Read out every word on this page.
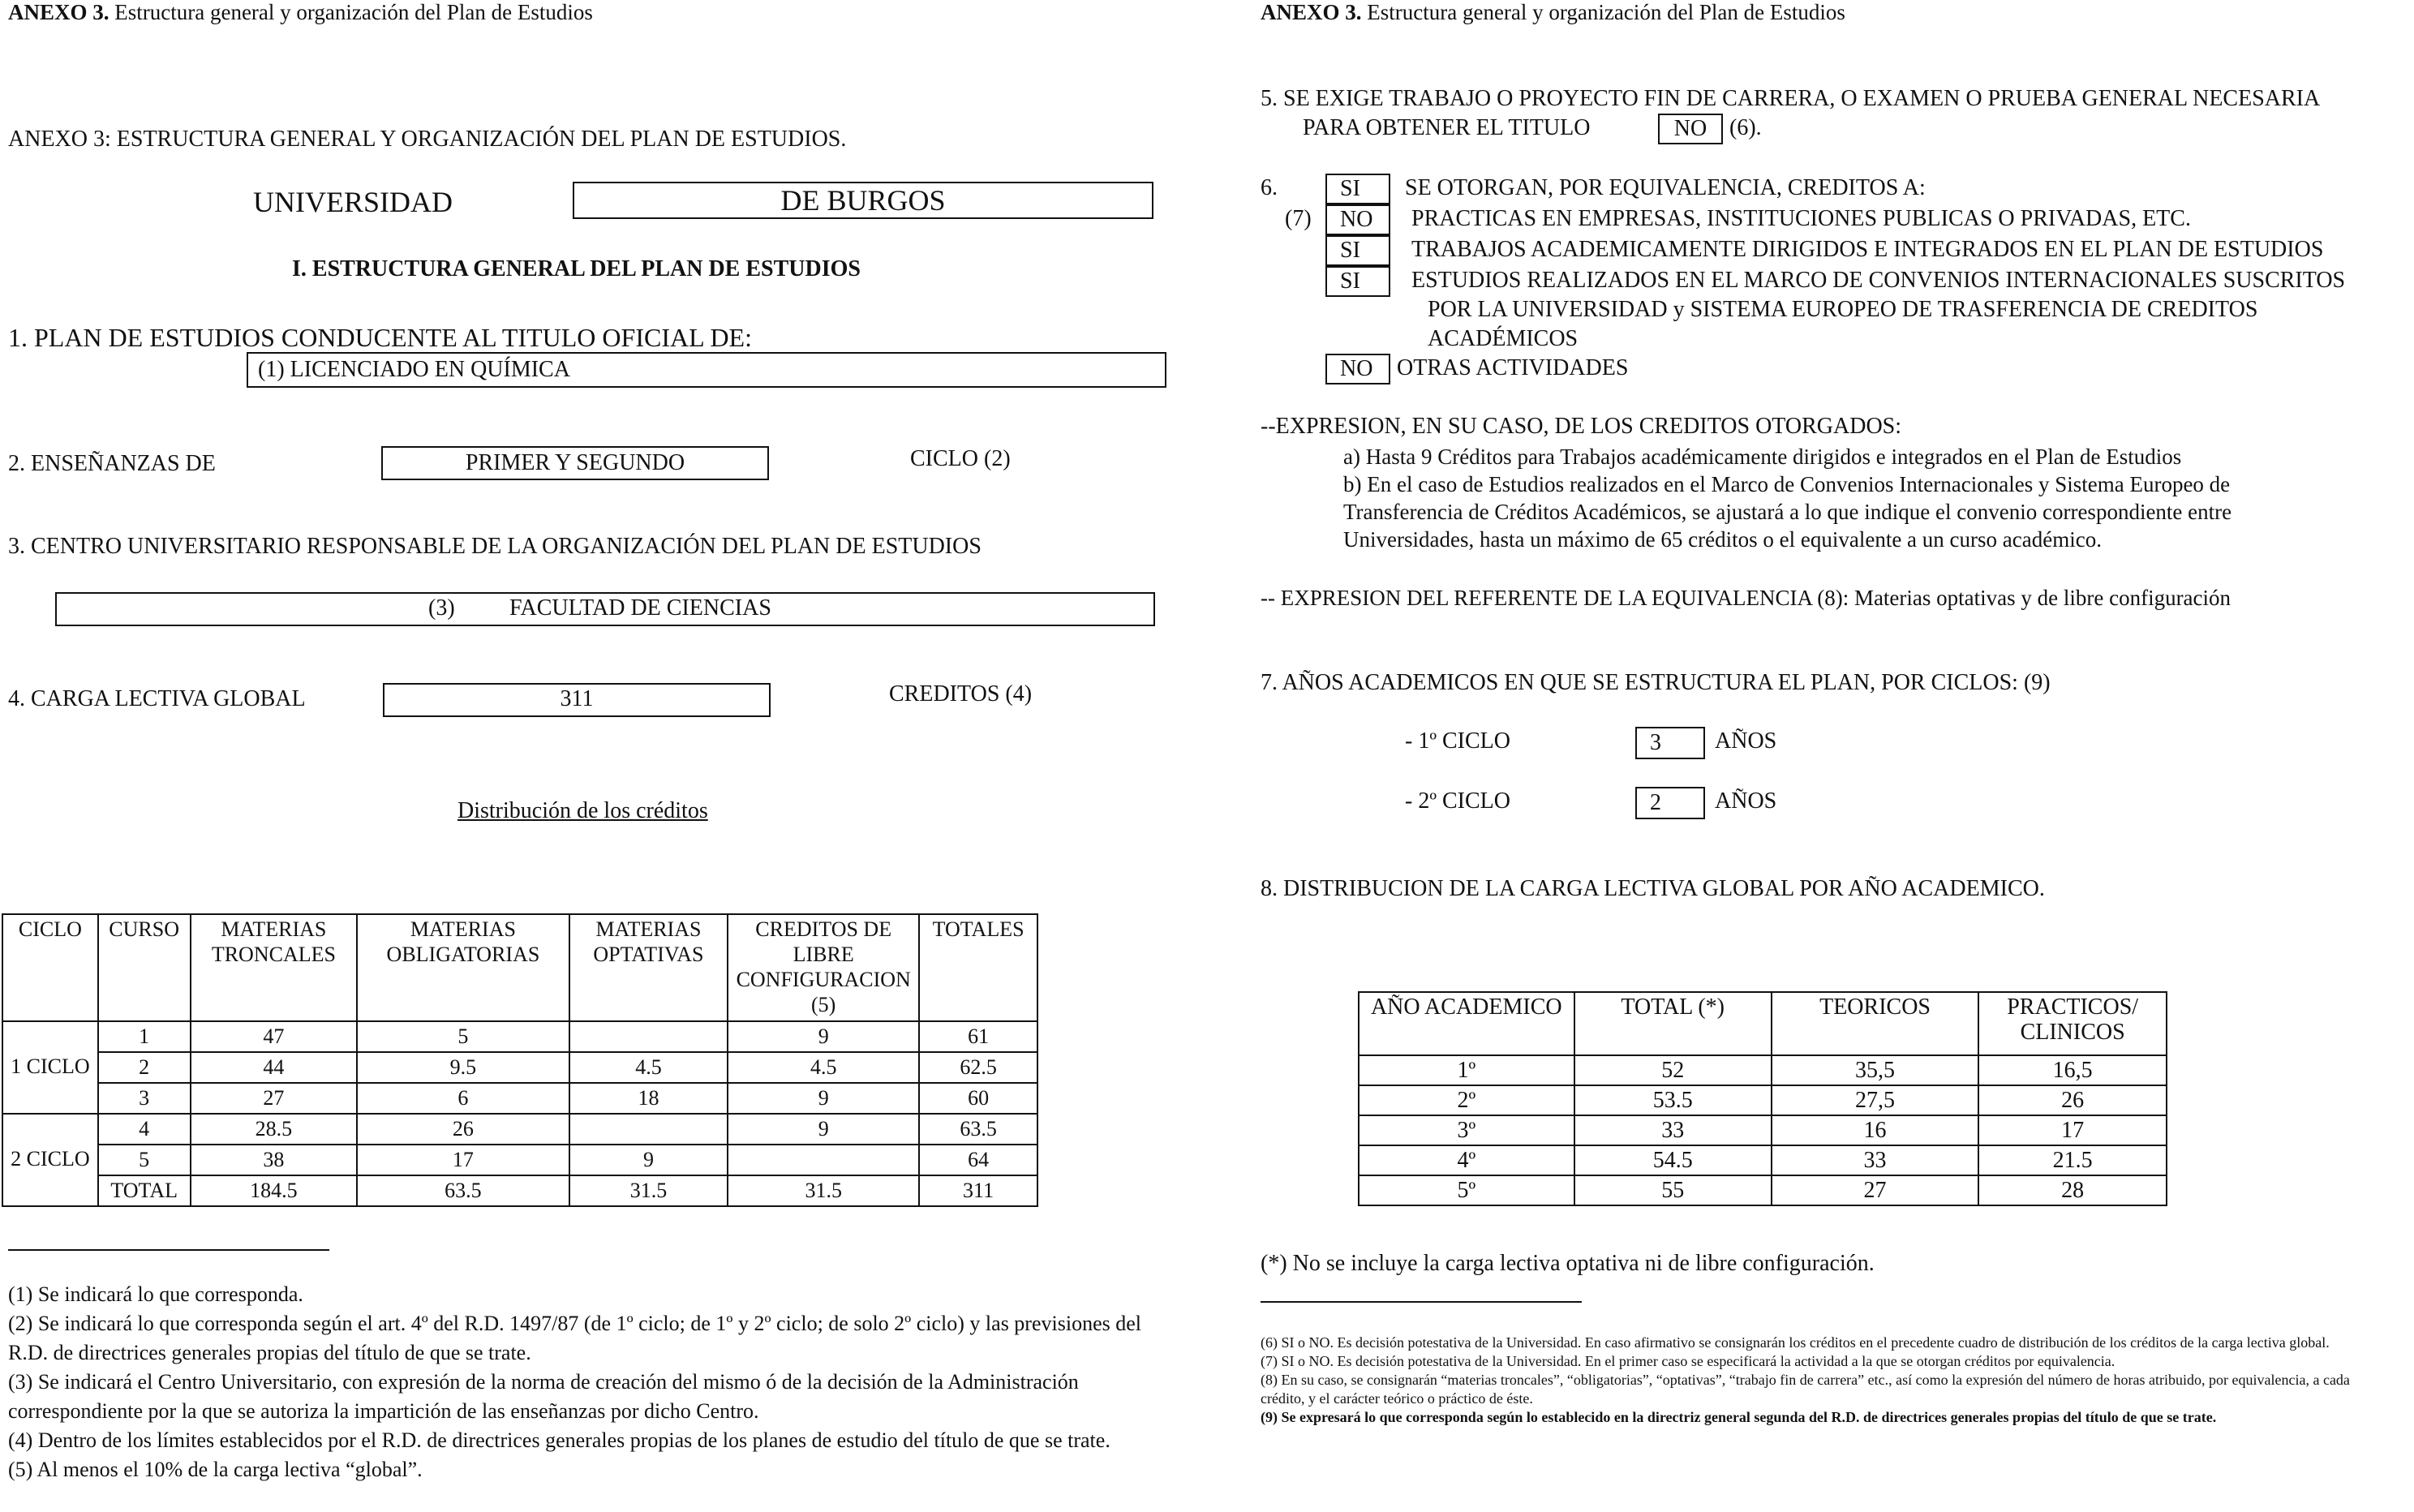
ANEXO 3. Estructura general y organización del Plan de Estudios
ANEXO 3: ESTRUCTURA GENERAL Y ORGANIZACIÓN DEL PLAN DE ESTUDIOS.
UNIVERSIDAD	DE BURGOS
I. ESTRUCTURA GENERAL DEL PLAN DE ESTUDIOS
1. PLAN DE ESTUDIOS CONDUCENTE AL TITULO OFICIAL DE:
(1) LICENCIADO EN QUÍMICA
2. ENSEÑANZAS DE	PRIMER Y SEGUNDO	CICLO (2)
3. CENTRO UNIVERSITARIO RESPONSABLE DE LA ORGANIZACIÓN DEL PLAN DE ESTUDIOS
(3) FACULTAD DE CIENCIAS
4. CARGA LECTIVA GLOBAL	311	CREDITOS (4)
Distribución de los créditos
CICLO	CURSO	MATERIAS TRONCALES	MATERIAS OBLIGATORIAS	MATERIAS OPTATIVAS	CREDITOS DE LIBRE CONFIGURACION (5)	TOTALES
	1	47	5		9	61
1 CICLO	2	44	9.5	4.5	4.5	62.5
	3	27	6	18	9	60
	4	28.5	26		9	63.5
2 CICLO	5	38	17	9		64
	TOTAL	184.5	63.5	31.5	31.5	311
(1) Se indicará lo que corresponda.
(2) Se indicará lo que corresponda según el art. 4º del R.D. 1497/87 (de 1º ciclo; de 1º y 2º ciclo; de solo 2º ciclo) y las previsiones del R.D. de directrices generales propias del título de que se trate.
(3) Se indicará el Centro Universitario, con expresión de la norma de creación del mismo ó de la decisión de la Administración correspondiente por la que se autoriza la impartición de las enseñanzas por dicho Centro.
(4) Dentro de los límites establecidos por el R.D. de directrices generales propias de los planes de estudio del título de que se trate.
(5) Al menos el 10% de la carga lectiva “global”.
ANEXO 3. Estructura general y organización del Plan de Estudios
5. SE EXIGE TRABAJO O PROYECTO FIN DE CARRERA, O EXAMEN O PRUEBA GENERAL NECESARIA
PARA OBTENER EL TITULO	NO (6).
6.
(7)
SI	SE OTORGAN, POR EQUIVALENCIA, CREDITOS A:
NO	PRACTICAS EN EMPRESAS, INSTITUCIONES PUBLICAS O PRIVADAS, ETC.
SI	TRABAJOS ACADEMICAMENTE DIRIGIDOS E INTEGRADOS EN EL PLAN DE ESTUDIOS
SI	ESTUDIOS REALIZADOS EN EL MARCO DE CONVENIOS INTERNACIONALES SUSCRITOS
POR LA UNIVERSIDAD y SISTEMA EUROPEO DE TRASFERENCIA DE CREDITOS
ACADÉMICOS
NO	OTRAS ACTIVIDADES
--EXPRESION, EN SU CASO, DE LOS CREDITOS OTORGADOS:
a) Hasta 9 Créditos para Trabajos académicamente dirigidos e integrados en el Plan de Estudios
b) En el caso de Estudios realizados en el Marco de Convenios Internacionales y Sistema Europeo de
Transferencia de Créditos Académicos, se ajustará a lo que indique el convenio correspondiente entre
Universidades, hasta un máximo de 65 créditos o el equivalente a un curso académico.
-- EXPRESION DEL REFERENTE DE LA EQUIVALENCIA (8): Materias optativas y de libre configuración
7. AÑOS ACADEMICOS EN QUE SE ESTRUCTURA EL PLAN, POR CICLOS: (9)
- 1º CICLO	3	AÑOS
- 2º CICLO	2	AÑOS
8. DISTRIBUCION DE LA CARGA LECTIVA GLOBAL POR AÑO ACADEMICO.
AÑO ACADEMICO	TOTAL (*)	TEORICOS	PRACTICOS/ CLINICOS
1º	52	35,5	16,5
2º	53.5	27,5	26
3º	33	16	17
4º	54.5	33	21.5
5º	55	27	28
(*) No se incluye la carga lectiva optativa ni de libre configuración.
(6) SI o NO. Es decisión potestativa de la Universidad. En caso afirmativo se consignarán los créditos en el precedente cuadro de distribución de los créditos de la carga lectiva global.
(7) SI o NO. Es decisión potestativa de la Universidad. En el primer caso se especificará la actividad a la que se otorgan créditos por equivalencia.
(8) En su caso, se consignarán “materias troncales”, “obligatorias”, “optativas”, “trabajo fin de carrera” etc., así como la expresión del número de horas atribuido, por equivalencia, a cada crédito, y el carácter teórico o práctico de éste.
(9) Se expresará lo que corresponda según lo establecido en la directriz general segunda del R.D. de directrices generales propias del título de que se trate.
